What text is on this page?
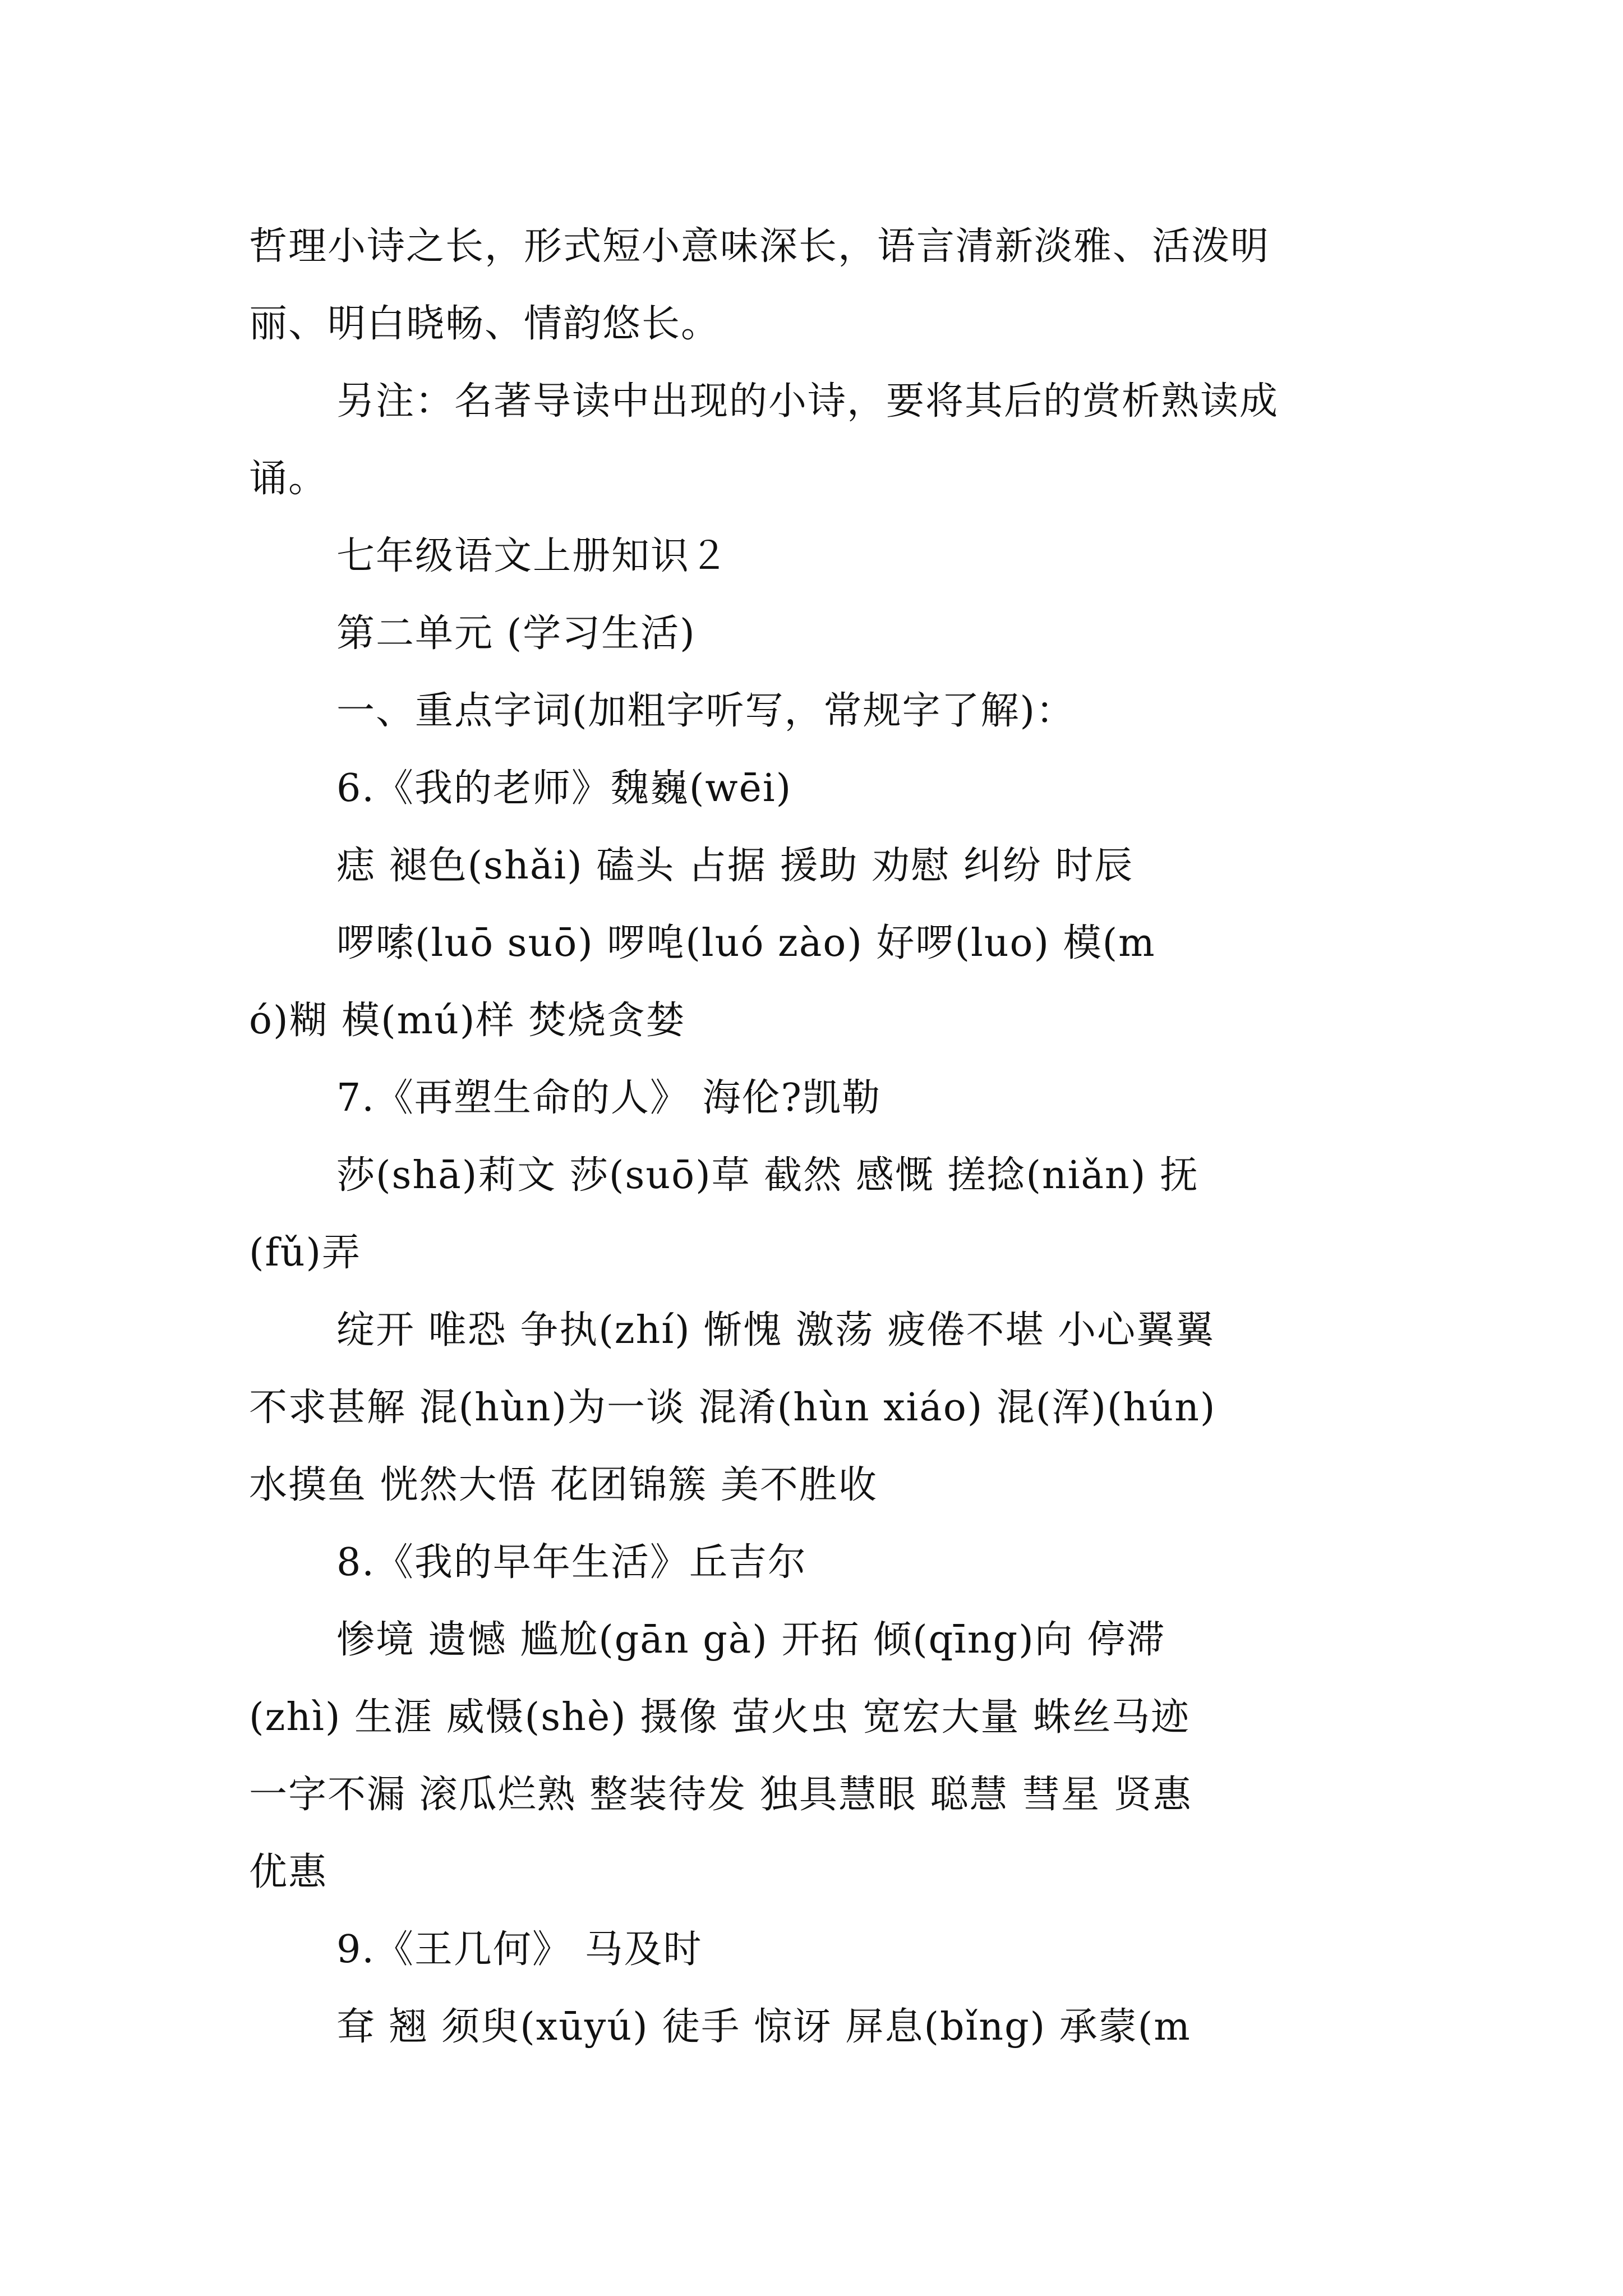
哲理小诗之长，形式短小意味深长，语言清新淡雅、活泼明
丽、明白晓畅、情韵悠长。
另注：名著导读中出现的小诗，要将其后的赏析熟读成
诵。
七年级语文上册知识２
第二单元 (学习生活)
一、重点字词(加粗字听写，常规字了解)：
6.《我的老师》魏巍(wēi)
痣 褪色(shǎi) 磕头 占据 援助 劝慰 纠纷 时辰
啰嗦(luō suō) 啰唣(luó zào) 好啰(luo) 模(m
ó)糊 模(mú)样 焚烧贪婪
7.《再塑生命的人》 海伦?凯勒
莎(shā)莉文 莎(suō)草 截然 感慨 搓捻(niǎn) 抚
(fǔ)弄
绽开 唯恐 争执(zhí) 惭愧 激荡 疲倦不堪 小心翼翼
不求甚解 混(hùn)为一谈 混淆(hùn xiáo) 混(浑)(hún)
水摸鱼 恍然大悟 花团锦簇 美不胜收
8.《我的早年生活》丘吉尔
惨境 遗憾 尴尬(gān gà) 开拓 倾(qīng)向 停滞
(zhì) 生涯 威慑(shè) 摄像 萤火虫 宽宏大量 蛛丝马迹
一字不漏 滚瓜烂熟 整装待发 独具慧眼 聪慧 彗星 贤惠
优惠
9.《王几何》 马及时
耷 翘 须臾(xūyú) 徒手 惊讶 屏息(bǐng) 承蒙(m
